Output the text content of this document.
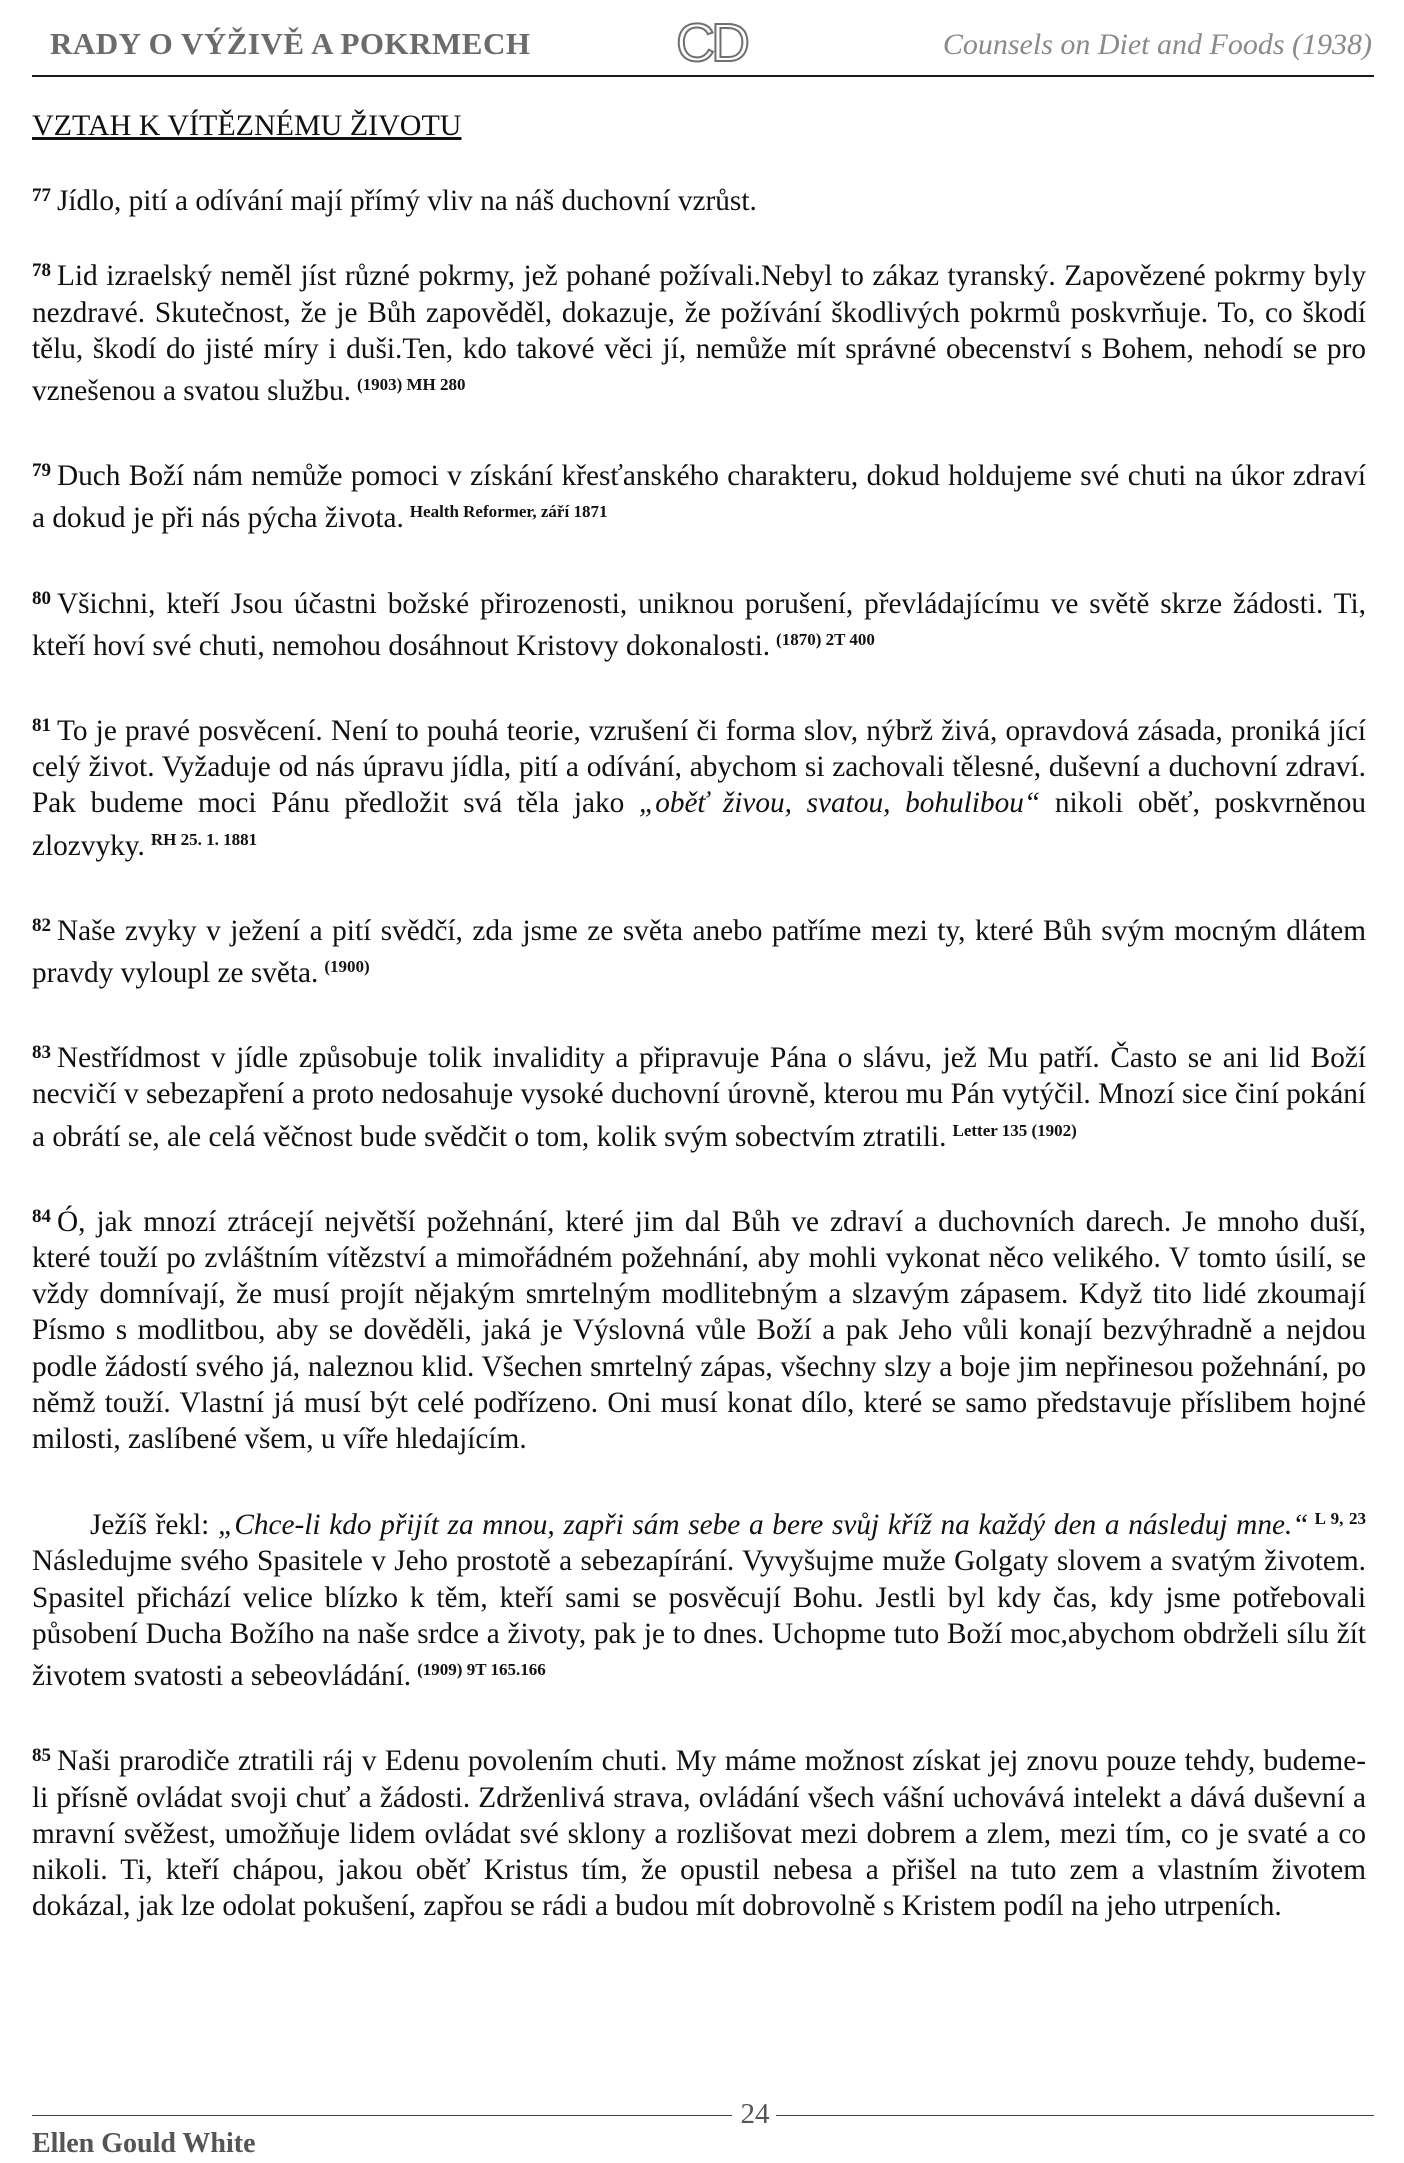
RADY O VÝŽIVĚ A POKRMECH	CD	Counsels on Diet and Foods (1938)
VZTAH K VÍTĚZNÉMU ŽIVOTU

$^{77}$ Jídlo, pití a odívání mají přímý vliv na náš duchovní vzrůst.

$^{78}$ Lid izraelský neměl jíst různé pokrmy, jež pohané požívali.Nebyl to zákaz tyranský. Zapovězené pokrmy byly nezdravé. Skutečnost, že je Bůh zapověděl, dokazuje, že požívání škodlivých pokrmů poskvrňuje. To, co škodí tělu, škodí do jisté míry i duši.Ten, kdo takové věci jí, nemůže mít správné obecenství s Bohem, nehodí se pro vznešenou a svatou službu. $^{(1903) MH 280}$

$^{79}$ Duch Boží nám nemůže pomoci v získání křesťanského charakteru, dokud holdujeme své chuti na úkor zdraví a dokud je při nás pýcha života. $^{Health Reformer, září 1871}$

$^{80}$ Všichni, kteří Jsou účastni božské přirozenosti, uniknou porušení, převládajícímu ve světě skrze žádosti. Ti, kteří hoví své chuti, nemohou dosáhnout Kristovy dokonalosti. $^{(1870) 2T 400}$

$^{81}$ To je pravé posvěcení. Není to pouhá teorie, vzrušení či forma slov, nýbrž živá, opravdová zásada, proniká jící celý život. Vyžaduje od nás úpravu jídla, pití a odívání, abychom si zachovali tělesné, duševní a duchovní zdraví. Pak budeme moci Pánu předložit svá těla jako „oběť živou, svatou, bohulibou“ nikoli oběť, poskvrněnou zlozvyky. $^{RH 25. 1. 1881}$

$^{82}$ Naše zvyky v ježení a pití svědčí, zda jsme ze světa anebo patříme mezi ty, které Bůh svým mocným dlátem pravdy vyloupl ze světa. $^{(1900)}$

$^{83}$ Nestřídmost v jídle způsobuje tolik invalidity a připravuje Pána o slávu, jež Mu patří. Často se ani lid Boží necvičí v sebezapření a proto nedosahuje vysoké duchovní úrovně, kterou mu Pán vytýčil. Mnozí sice činí pokání a obrátí se, ale celá věčnost bude svědčit o tom, kolik svým sobectvím ztratili. $^{Letter 135 (1902)}$

$^{84}$ Ó, jak mnozí ztrácejí největší požehnání, které jim dal Bůh ve zdraví a duchovních darech. Je mnoho duší, které touží po zvláštním vítězství a mimořádném požehnání, aby mohli vykonat něco velikého. V tomto úsilí, se vždy domnívají, že musí projít nějakým smrtelným modlitebným a slzavým zápasem. Když tito lidé zkoumají Písmo s modlitbou, aby se dověděli, jaká je Výslovná vůle Boží a pak Jeho vůli konají bezvýhradně a nejdou podle žádostí svého já, naleznou klid. Všechen smrtelný zápas, všechny slzy a boje jim nepřinesou požehnání, po němž touží. Vlastní já musí být celé podřízeno. Oni musí konat dílo, které se samo představuje příslibem hojné milosti, zaslíbené všem, u víře hledajícím.

Ježíš řekl: „Chce-li kdo přijít za mnou, zapři sám sebe a bere svůj kříž na každý den a následuj mne.“ $^{L 9, 23}$ Následujme svého Spasitele v Jeho prostotě a sebezapírání. Vyvyšujme muže Golgaty slovem a svatým životem. Spasitel přichází velice blízko k těm, kteří sami se posvěcují Bohu. Jestli byl kdy čas, kdy jsme potřebovali působení Ducha Božího na naše srdce a životy, pak je to dnes. Uchopme tuto Boží moc,abychom obdrželi sílu žít životem svatosti a sebeovládání. $^{(1909) 9T 165.166}$

$^{85}$ Naši prarodiče ztratili ráj v Edenu povolením chuti. My máme možnost získat jej znovu pouze tehdy, budeme-li přísně ovládat svoji chuť a žádosti. Zdrženlivá strava, ovládání všech vášní uchovává intelekt a dává duševní a mravní svěžest, umožňuje lidem ovládat své sklony a rozlišovat mezi dobrem a zlem, mezi tím, co je svaté a co nikoli. Ti, kteří chápou, jakou oběť Kristus tím, že opustil nebesa a přišel na tuto zem a vlastním životem dokázal, jak lze odolat pokušení, zapřou se rádi a budou mít dobrovolně s Kristem podíl na jeho utrpeních.

24
Ellen Gould White
